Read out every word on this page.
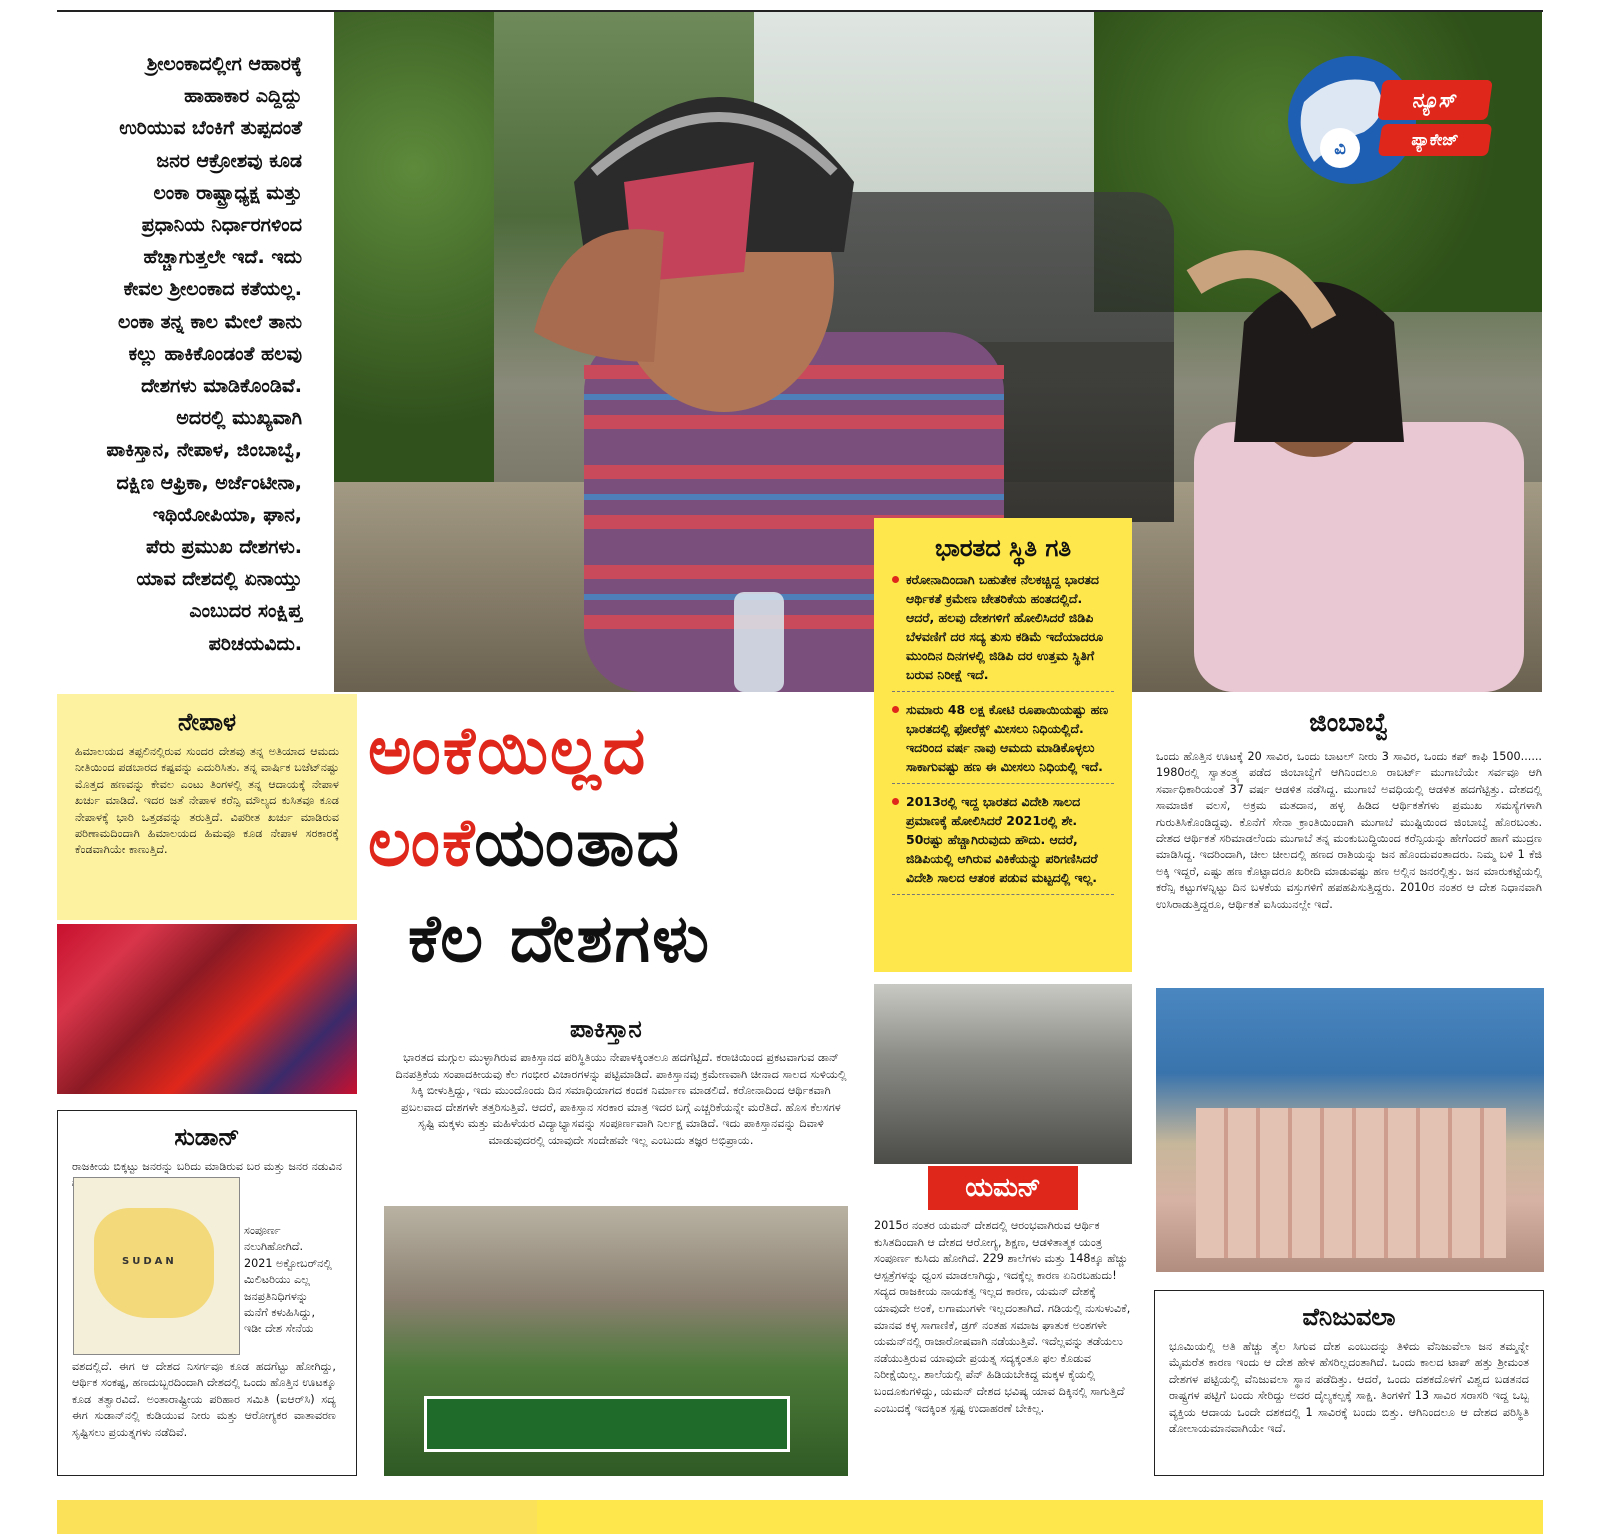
ಶ್ರೀಲಂಕಾದಲ್ಲೀಗ ಆಹಾರಕ್ಕೆ
ಹಾಹಾಕಾರ ಎದ್ದಿದ್ದು
ಉರಿಯುವ ಬೆಂಕಿಗೆ ತುಪ್ಪದಂತೆ
ಜನರ ಆಕ್ರೋಶವು ಕೂಡ
ಲಂಕಾ ರಾಷ್ಟ್ರಾಧ್ಯಕ್ಷ ಮತ್ತು
ಪ್ರಧಾನಿಯ ನಿರ್ಧಾರಗಳಿಂದ
ಹೆಚ್ಚಾಗುತ್ತಲೇ ಇದೆ. ಇದು
ಕೇವಲ ಶ್ರೀಲಂಕಾದ ಕತೆಯಲ್ಲ.
ಲಂಕಾ ತನ್ನ ಕಾಲ ಮೇಲೆ ತಾನು
ಕಲ್ಲು ಹಾಕಿಕೊಂಡಂತೆ ಹಲವು
ದೇಶಗಳು ಮಾಡಿಕೊಂಡಿವೆ.
ಅದರಲ್ಲಿ ಮುಖ್ಯವಾಗಿ
ಪಾಕಿಸ್ತಾನ, ನೇಪಾಳ, ಜಿಂಬಾಬ್ವೆ,
ದಕ್ಷಿಣ ಆಫ್ರಿಕಾ, ಅರ್ಜೆಂಟೀನಾ,
ಇಥಿಯೋಪಿಯಾ, ಘಾನ,
ಪೆರು ಪ್ರಮುಖ ದೇಶಗಳು.
ಯಾವ ದೇಶದಲ್ಲಿ ಏನಾಯ್ತು
ಎಂಬುದರ ಸಂಕ್ಷಿಪ್ತ
ಪರಿಚಯವಿದು.
ವಿ
ನ್ಯೂಸ್
ಪ್ಯಾಕೇಜ್
ಭಾರತದ ಸ್ಥಿತಿ ಗತಿ
ಕರೋನಾದಿಂದಾಗಿ ಬಹುತೇಕ ನೆಲಕಚ್ಚಿದ್ದ ಭಾರತದ ಆರ್ಥಿಕತೆ ಕ್ರಮೇಣ ಚೇತರಿಕೆಯ ಹಂತದಲ್ಲಿದೆ. ಆದರೆ, ಹಲವು ದೇಶಗಳಿಗೆ ಹೋಲಿಸಿದರೆ ಜಿಡಿಪಿ ಬೆಳವಣಿಗೆ ದರ ಸದ್ಯ ತುಸು ಕಡಿಮೆ ಇದೆಯಾದರೂ ಮುಂದಿನ ದಿನಗಳಲ್ಲಿ ಜಿಡಿಪಿ ದರ ಉತ್ತಮ ಸ್ಥಿತಿಗೆ ಬರುವ ನಿರೀಕ್ಷೆ ಇದೆ.
ಸುಮಾರು 48 ಲಕ್ಷ ಕೋಟಿ ರೂಪಾಯಿಯಷ್ಟು ಹಣ ಭಾರತದಲ್ಲಿ ಫೋರೆಕ್ಸ್ ಮೀಸಲು ನಿಧಿಯಲ್ಲಿದೆ. ಇದರಿಂದ ವರ್ಷ ನಾವು ಆಮದು ಮಾಡಿಕೊಳ್ಳಲು ಸಾಕಾಗುವಷ್ಟು ಹಣ ಈ ಮೀಸಲು ನಿಧಿಯಲ್ಲಿ ಇದೆ.
2013ರಲ್ಲಿ ಇದ್ದ ಭಾರತದ ವಿದೇಶಿ ಸಾಲದ ಪ್ರಮಾಣಕ್ಕೆ ಹೋಲಿಸಿದರೆ 2021ರಲ್ಲಿ ಶೇ. 50ರಷ್ಟು ಹೆಚ್ಚಾಗಿರುವುದು ಹೌದು. ಆದರೆ, ಜಿಡಿಪಿಯಲ್ಲಿ ಆಗಿರುವ ವಿಕಿಕೆಯನ್ನು ಪರಿಗಣಿಸಿದರೆ ವಿದೇಶಿ ಸಾಲದ ಆತಂಕ ಪಡುವ ಮಟ್ಟದಲ್ಲಿ ಇಲ್ಲ.
ಅಂಕೆಯಿಲ್ಲದ
ಲಂಕೆಯಂತಾದ
ಕೆಲ ದೇಶಗಳು
ನೇಪಾಳ
ಹಿಮಾಲಯದ ತಪ್ಪಲಿನಲ್ಲಿರುವ ಸುಂದರ ದೇಶವು ತನ್ನ ಅತಿಯಾದ ಆಮದು ನೀತಿಯಿಂದ ಪಡಬಾರದ ಕಷ್ಟವನ್ನು ಎದುರಿಸಿತು. ತನ್ನ ವಾರ್ಷಿಕ ಬಜೆಟ್‌ನಷ್ಟು ಮೊತ್ತದ ಹಣವನ್ನು ಕೇವಲ ಎಂಟು ತಿಂಗಳಲ್ಲಿ ತನ್ನ ಆದಾಯಕ್ಕೆ ನೇಪಾಳ ಖರ್ಚು ಮಾಡಿದೆ. ಇದರ ಜತೆ ನೇಪಾಳ ಕರೆನ್ಸಿ ಮೌಲ್ಯದ ಕುಸಿತವೂ ಕೂಡ ನೇಪಾಳಕ್ಕೆ ಭಾರಿ ಒತ್ತಡವನ್ನು ತರುತ್ತಿದೆ. ವಿಪರೀತ ಖರ್ಚು ಮಾಡಿರುವ ಪರಿಣಾಮದಿಂದಾಗಿ ಹಿಮಾಲಯದ ಹಿಮವೂ ಕೂಡ ನೇಪಾಳ ಸರಕಾರಕ್ಕೆ ಕೆಂಡವಾಗಿಯೇ ಕಾಣುತ್ತಿದೆ.
ಸುಡಾನ್
ರಾಜಕೀಯ ಬಿಕ್ಕಟ್ಟು ಜನರನ್ನು ಬರಿದು ಮಾಡಿರುವ ಬರ ಮತ್ತು ಜನರ ನಡುವಿನ
SUDAN
ಸಂಪೂರ್ಣ ನಲುಗಿಹೋಗಿದೆ. 2021 ಅಕ್ಟೋಬರ್‌ನಲ್ಲಿ ಮಿಲಿಟರಿಯು ಎಲ್ಲ ಜನಪ್ರತಿನಿಧಿಗಳನ್ನು ಮನೆಗೆ ಕಳುಹಿಸಿದ್ದು, ಇಡೀ ದೇಶ ಸೇನೆಯ
ವಶದಲ್ಲಿದೆ. ಈಗ ಆ ದೇಶದ ನಿಸರ್ಗವೂ ಕೂಡ ಹದಗೆಟ್ಟು ಹೋಗಿದ್ದು, ಆರ್ಥಿಕ ಸಂಕಷ್ಟ, ಹಣದುಬ್ಬರದಿಂದಾಗಿ ದೇಶದಲ್ಲಿ ಒಂದು ಹೊತ್ತಿನ ಊಟಕ್ಕೂ ಕೂಡ ತತ್ವಾರವಿದೆ. ಅಂತಾರಾಷ್ಟ್ರೀಯ ಪರಿಹಾರ ಸಮಿತಿ (ಐಆರ್‌ಸಿ) ಸದ್ಯ ಈಗ ಸುಡಾನ್‌ನಲ್ಲಿ ಕುಡಿಯುವ ನೀರು ಮತ್ತು ಆರೋಗ್ಯಕರ ವಾತಾವರಣ ಸೃಷ್ಟಿಸಲು ಪ್ರಯತ್ನಗಳು ನಡೆದಿವೆ.
ಪಾಕಿಸ್ತಾನ
ಭಾರತದ ಮಗ್ಗುಲ ಮುಳ್ಳಾಗಿರುವ ಪಾಕಿಸ್ತಾನದ ಪರಿಸ್ಥಿತಿಯು ನೇಪಾಳಕ್ಕಿಂತಲೂ ಹದಗೆಟ್ಟಿದೆ. ಕರಾಚಿಯಿಂದ ಪ್ರಕಟವಾಗುವ ಡಾನ್ ದಿನಪತ್ರಿಕೆಯ ಸಂಪಾದಕೀಯವು ಕೆಲ ಗಂಭೀರ ವಿಚಾರಗಳನ್ನು ಪಟ್ಟಿಮಾಡಿದೆ. ಪಾಕಿಸ್ತಾನವು ಕ್ರಮೇಣವಾಗಿ ಚೀನಾದ ಸಾಲದ ಸುಳಿಯಲ್ಲಿ ಸಿಕ್ಕಿ ಬೀಳುತ್ತಿದ್ದು, ಇದು ಮುಂದೊಂದು ದಿನ ಸಮಾಧಿಯಾಗದ ಕಂದಕ ನಿರ್ಮಾಣ ಮಾಡಲಿದೆ. ಕರೋನಾದಿಂದ ಆರ್ಥಿಕವಾಗಿ ಪ್ರಬಲವಾದ ದೇಶಗಳೇ ತತ್ತರಿಸುತ್ತಿವೆ. ಆದರೆ, ಪಾಕಿಸ್ತಾನ ಸರಕಾರ ಮಾತ್ರ ಇದರ ಬಗ್ಗೆ ಎಚ್ಚರಿಕೆಯನ್ನೇ ಮರೆತಿದೆ. ಹೊಸ ಕೆಲಸಗಳ ಸೃಷ್ಟಿ ಮಕ್ಕಳು ಮತ್ತು ಮಹಿಳೆಯರ ವಿದ್ಯಾಭ್ಯಾಸವನ್ನು ಸಂಪೂರ್ಣವಾಗಿ ನಿರ್ಲಕ್ಷ ಮಾಡಿದೆ. ಇದು ಪಾಕಿಸ್ತಾನವನ್ನು ದಿವಾಳಿ ಮಾಡುವುದರಲ್ಲಿ ಯಾವುದೇ ಸಂದೇಹವೇ ಇಲ್ಲ ಎಂಬುದು ತಜ್ಞರ ಅಭಿಪ್ರಾಯ.
ಯಮನ್
2015ರ ನಂತರ ಯಮನ್ ದೇಶದಲ್ಲಿ ಆರಂಭವಾಗಿರುವ ಆರ್ಥಿಕ ಕುಸಿತದಿಂದಾಗಿ ಆ ದೇಶದ ಆರೋಗ್ಯ, ಶಿಕ್ಷಣ, ಆಡಳಿತಾತ್ಮಕ ಯಂತ್ರ ಸಂಪೂರ್ಣ ಕುಸಿದು ಹೋಗಿದೆ. 229 ಶಾಲೆಗಳು ಮತ್ತು 148ಕ್ಕೂ ಹೆಚ್ಚು ಆಸ್ಪತ್ರೆಗಳನ್ನು ಧ್ವಂಸ ಮಾಡಲಾಗಿದ್ದು, ಇದಕ್ಕೆಲ್ಲ ಕಾರಣ ಏನಿರಬಹುದು! ಸದ್ಯದ ರಾಜಕೀಯ ನಾಯಕತ್ವ ಇಲ್ಲದ ಕಾರಣ, ಯಮನ್ ದೇಶಕ್ಕೆ ಯಾವುದೇ ಅಂಕೆ, ಲಗಾಮುಗಳೇ ಇಲ್ಲದಂತಾಗಿದೆ. ಗಡಿಯಲ್ಲಿ ನುಸುಳುವಿಕೆ, ಮಾನವ ಕಳ್ಳ ಸಾಗಾಣಿಕೆ, ಡ್ರಗ್ ನಂತಹ ಸಮಾಜ ಘಾತುಕ ಅಂಶಗಳೇ ಯಮನ್‌ನಲ್ಲಿ ರಾಜಾರೋಷವಾಗಿ ನಡೆಯುತ್ತಿವೆ. ಇದೆಲ್ಲವನ್ನು ತಡೆಯಲು ನಡೆಯುತ್ತಿರುವ ಯಾವುದೇ ಪ್ರಯತ್ನ ಸದ್ಯಕ್ಕಂತೂ ಫಲ ಕೊಡುವ ನಿರೀಕ್ಷೆಯಿಲ್ಲ. ಶಾಲೆಯಲ್ಲಿ ಪೆನ್ ಹಿಡಿಯಬೇಕಿದ್ದ ಮಕ್ಕಳ ಕೈಯಲ್ಲಿ ಬಂದೂಕುಗಳಿದ್ದು, ಯಮನ್ ದೇಶದ ಭವಿಷ್ಯ ಯಾವ ದಿಕ್ಕಿನಲ್ಲಿ ಸಾಗುತ್ತಿದೆ ಎಂಬುದಕ್ಕೆ ಇದಕ್ಕಿಂತ ಸ್ಪಷ್ಟ ಉದಾಹರಣೆ ಬೇಕಿಲ್ಲ.
ಜಿಂಬಾಬ್ವೆ
ಒಂದು ಹೊತ್ತಿನ ಊಟಕ್ಕೆ 20 ಸಾವಿರ, ಒಂದು ಬಾಟಲ್ ನೀರು 3 ಸಾವಿರ, ಒಂದು ಕಪ್ ಕಾಫಿ 1500...... 1980ರಲ್ಲಿ ಸ್ವಾತಂತ್ರ್ಯ ಪಡೆದ ಜಿಂಬಾಬ್ವೆಗೆ ಆಗಿನಿಂದಲೂ ರಾಬರ್ಟ್ ಮುಗಾಬೆಯೇ ಸರ್ವವೂ ಆಗಿ ಸರ್ವಾಧಿಕಾರಿಯಂತೆ 37 ವರ್ಷ ಆಡಳಿತ ನಡೆಸಿದ್ದ. ಮುಗಾಬೆ ಅವಧಿಯಲ್ಲಿ ಆಡಳಿತ ಹದಗೆಟ್ಟಿತ್ತು. ದೇಶದಲ್ಲಿ ಸಾಮಾಜಿಕ ವಲಸೆ, ಅಕ್ರಮ ಮತದಾನ, ಹಳ್ಳ ಹಿಡಿದ ಆರ್ಥಿಕತೆಗಳು ಪ್ರಮುಖ ಸಮಸ್ಯೆಗಳಾಗಿ ಗುರುತಿಸಿಕೊಂಡಿದ್ದವು. ಕೊನೆಗೆ ಸೇನಾ ಕ್ರಾಂತಿಯಿಂದಾಗಿ ಮುಗಾಬೆ ಮುಷ್ಟಿಯಿಂದ ಜಿಂಬಾಬ್ವೆ ಹೊರಬಂತು. ದೇಶದ ಆರ್ಥಿಕತೆ ಸರಿಮಾಡಲೆಂದು ಮುಗಾಬೆ ತನ್ನ ಮಂಕುಬುದ್ಧಿಯಿಂದ ಕರೆನ್ಸಿಯನ್ನು ಹೇಗೆಂದರೆ ಹಾಗೆ ಮುದ್ರಣ ಮಾಡಿಸಿದ್ದ. ಇದರಿಂದಾಗಿ, ಚೀಲ ಚೀಲದಲ್ಲಿ ಹಣದ ರಾಶಿಯನ್ನು ಜನ ಹೊಂದುವಂತಾದರು. ನಿಮ್ಮ ಬಳಿ 1 ಕೆಜಿ ಅಕ್ಕಿ ಇದ್ದರೆ, ಎಷ್ಟು ಹಣ ಕೊಟ್ಟಾದರೂ ಖರೀದಿ ಮಾಡುವಷ್ಟು ಹಣ ಅಲ್ಲಿನ ಜನರಲ್ಲಿತ್ತು. ಜನ ಮಾರುಕಟ್ಟೆಯಲ್ಲಿ ಕರೆನ್ಸಿ ಕಟ್ಟುಗಳನ್ನಿಟ್ಟು ದಿನ ಬಳಕೆಯ ವಸ್ತುಗಳಿಗೆ ಹಪಹಪಿಸುತ್ತಿದ್ದರು. 2010ರ ನಂತರ ಆ ದೇಶ ನಿಧಾನವಾಗಿ ಉಸಿರಾಡುತ್ತಿದ್ದರೂ, ಆರ್ಥಿಕತೆ ಐಸಿಯುನಲ್ಲೇ ಇದೆ.
ವೆನಿಜುವಲಾ
ಭೂಮಿಯಲ್ಲಿ ಅತಿ ಹೆಚ್ಚು ತೈಲ ಸಿಗುವ ದೇಶ ಎಂಬುದನ್ನು ತಿಳಿದು ವೆನಿಜುವೆಲಾ ಜನ ತಮ್ಮನ್ನೇ ಮೈಮರೆತ ಕಾರಣ ಇಂದು ಆ ದೇಶ ಹೇಳ ಹೆಸರಿಲ್ಲದಂತಾಗಿದೆ. ಒಂದು ಕಾಲದ ಟಾಪ್ ಹತ್ತು ಶ್ರೀಮಂತ ದೇಶಗಳ ಪಟ್ಟಿಯಲ್ಲಿ ವೆನಿಜುವಲಾ ಸ್ಥಾನ ಪಡೆದಿತ್ತು. ಆದರೆ, ಒಂದು ದಶಕದೊಳಗೆ ವಿಶ್ವದ ಬಡತನದ ರಾಷ್ಟ್ರಗಳ ಪಟ್ಟಿಗೆ ಬಂದು ಸೇರಿದ್ದು ಅದರ ದೈಲ್ಯಕಲ್ಪಕ್ಕೆ ಸಾಕ್ಷಿ. ತಿಂಗಳಿಗೆ 13 ಸಾವಿರ ಸರಾಸರಿ ಇದ್ದ ಒಬ್ಬ ವ್ಯಕ್ತಿಯ ಆದಾಯ ಒಂದೇ ದಶಕದಲ್ಲಿ 1 ಸಾವಿರಕ್ಕೆ ಬಂದು ಬಿತ್ತು. ಆಗಿನಿಂದಲೂ ಆ ದೇಶದ ಪರಿಸ್ಥಿತಿ ಡೋಲಾಯಮಾನವಾಗಿಯೇ ಇದೆ.
